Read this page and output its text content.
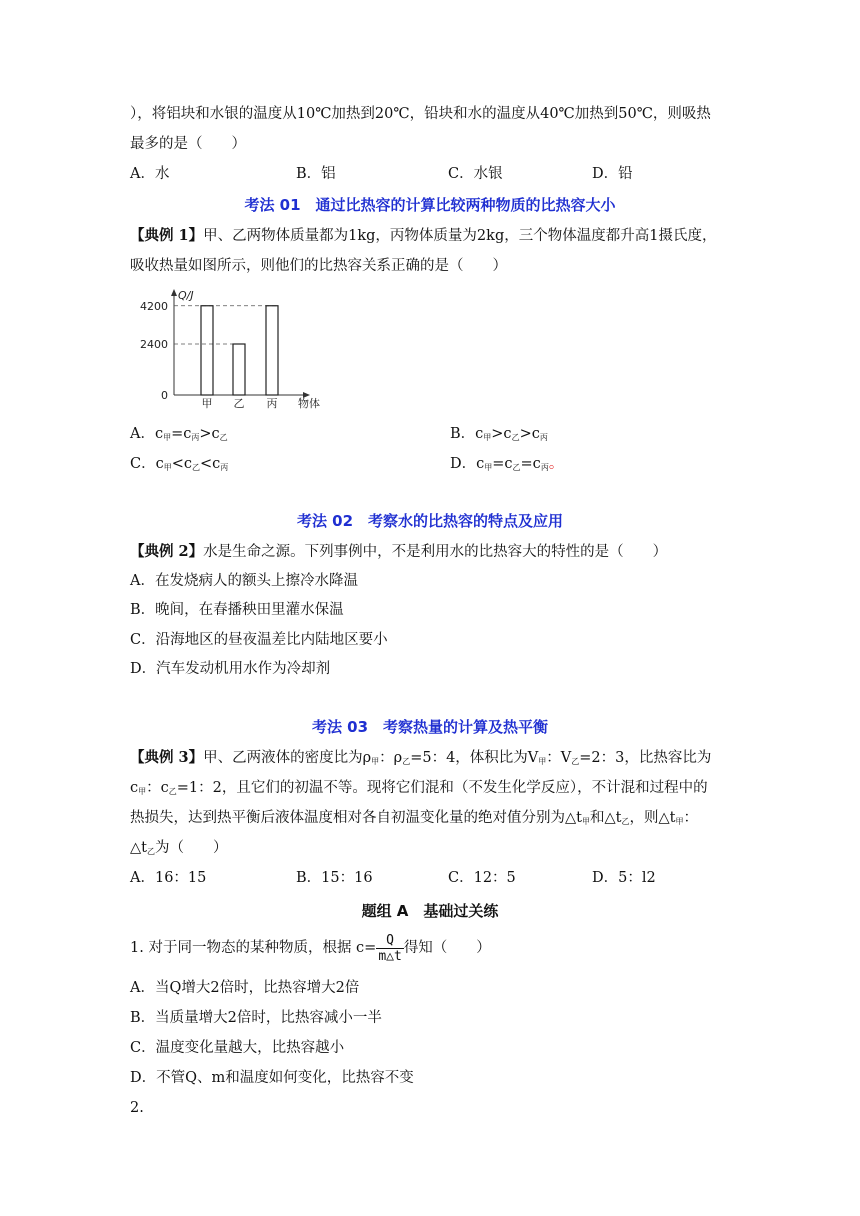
），将铝块和水银的温度从10℃加热到20℃，铅块和水的温度从40℃加热到50℃，则吸热
最多的是（　　）
A．水	B．铝	C．水银	D．铅
考法 01　通过比热容的计算比较两种物质的比热容大小
【典例 1】甲、乙两物体质量都为1kg，丙物体质量为2kg，三个物体温度都升高1摄氏度，
吸收热量如图所示，则他们的比热容关系正确的是（　　）
Q/J
物体
4200
2400
0
甲 乙 丙
A．$c_甲=c_丙>c_乙$	B．$c_甲>c_乙>c_丙$
C．$c_甲<c_乙<c_丙$	D．$c_甲=c_乙=c_丙$。
考法 02　考察水的比热容的特点及应用
【典例 2】水是生命之源。下列事例中，不是利用水的比热容大的特性的是（　　）
A．在发烧病人的额头上擦冷水降温
B．晚间，在春播秧田里灌水保温
C．沿海地区的昼夜温差比内陆地区要小
D．汽车发动机用水作为冷却剂
考法 03　考察热量的计算及热平衡
【典例 3】甲、乙两液体的密度比为$\rho_甲$：$\rho_乙=5$：4，体积比为$V_甲$：$V_乙=2$：3，比热容比为
$c_甲$：$c_乙=1$：2，且它们的初温不等。现将它们混和（不发生化学反应），不计混和过程中的
热损失，达到热平衡后液体温度相对各自初温变化量的绝对值分别为$\triangle t_甲$和$\triangle t_乙$，则$\triangle t_甲$：
$\triangle t_乙$为（　　）
A．16：15	B．15：16	C．12：5	D．5：l2
题组 A　基础过关练
1. 对于同一物态的某种物质，根据 $c= \frac{Q}{m\triangle t}$ 得知（　　）
A．当Q增大2倍时，比热容增大2倍
B．当质量增大2倍时，比热容减小一半
C．温度变化量越大，比热容越小
D．不管Q、m和温度如何变化，比热容不变
2.
